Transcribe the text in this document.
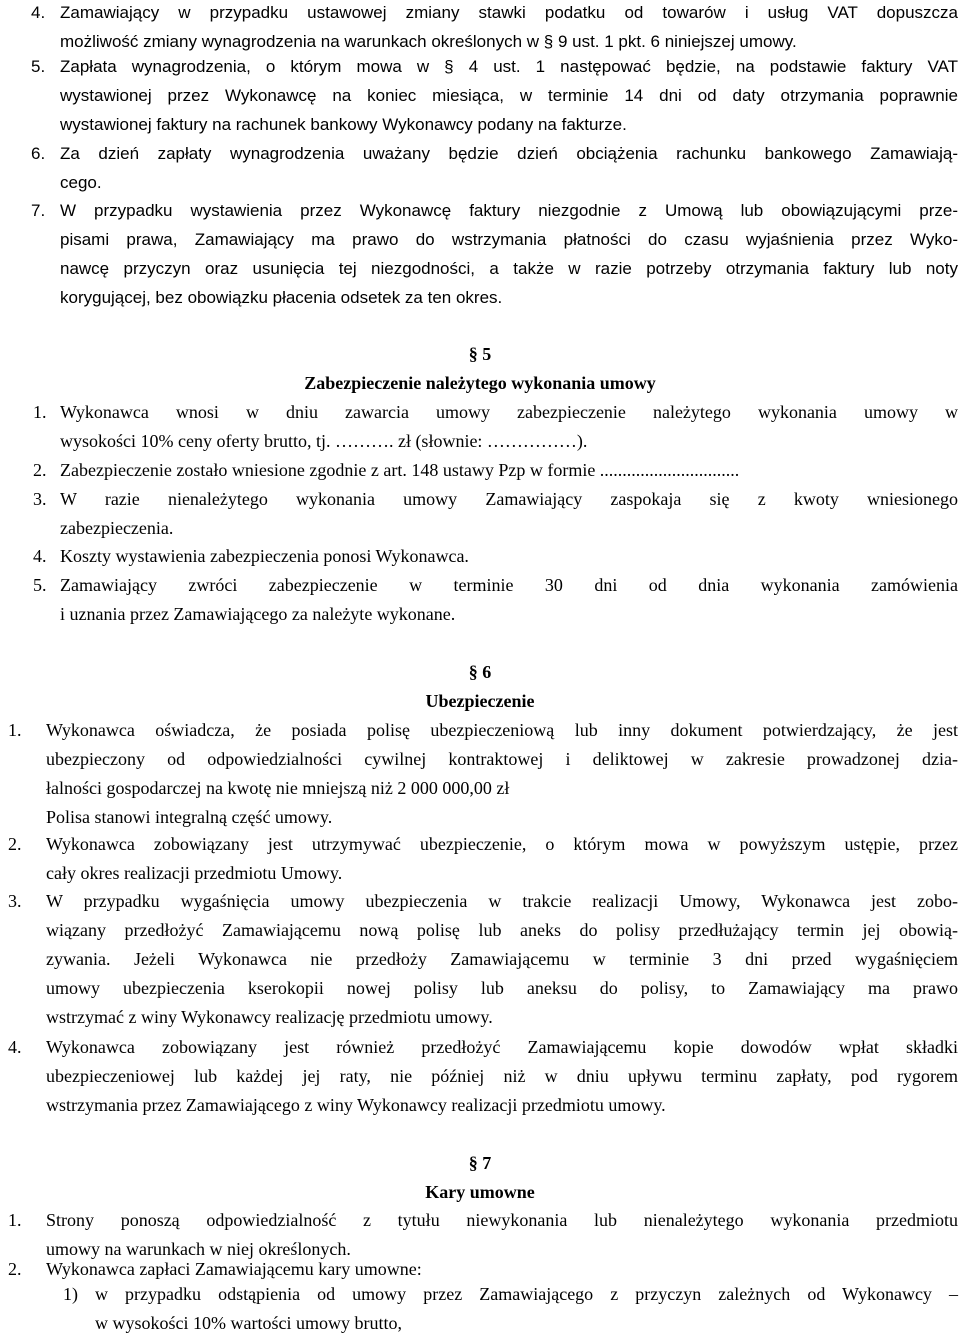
4. Zamawiający w przypadku ustawowej zmiany stawki podatku od towarów i usług VAT dopuszcza
możliwość zmiany wynagrodzenia na warunkach określonych w § 9 ust. 1 pkt. 6 niniejszej umowy.
5. Zapłata wynagrodzenia, o którym mowa w § 4 ust. 1 następować będzie, na podstawie faktury VAT
wystawionej przez Wykonawcę na koniec miesiąca, w terminie 14 dni od daty otrzymania poprawnie
wystawionej faktury na rachunek bankowy Wykonawcy podany na fakturze.
6. Za dzień zapłaty wynagrodzenia uważany będzie dzień obciążenia rachunku bankowego Zamawiają-
cego.
7. W przypadku wystawienia przez Wykonawcę faktury niezgodnie z Umową lub obowiązującymi prze-
pisami prawa, Zamawiający ma prawo do wstrzymania płatności do czasu wyjaśnienia przez Wyko-
nawcę przyczyn oraz usunięcia tej niezgodności, a także w razie potrzeby otrzymania faktury lub noty
korygującej, bez obowiązku płacenia odsetek za ten okres.
§ 5
Zabezpieczenie należytego wykonania umowy
1. Wykonawca wnosi w dniu zawarcia umowy zabezpieczenie należytego wykonania umowy w
wysokości 10% ceny oferty brutto, tj. ………. zł (słownie: ……………).
2. Zabezpieczenie zostało wniesione zgodnie z art. 148 ustawy Pzp w formie ...............................
3. W razie nienależytego wykonania umowy Zamawiający zaspokaja się z kwoty wniesionego
zabezpieczenia.
4. Koszty wystawienia zabezpieczenia ponosi Wykonawca.
5. Zamawiający zwróci zabezpieczenie w terminie 30 dni od dnia wykonania zamówienia
i uznania przez Zamawiającego za należyte wykonane.
§ 6
Ubezpieczenie
1.	Wykonawca oświadcza, że posiada polisę ubezpieczeniową lub inny dokument potwierdzający, że jest
ubezpieczony od odpowiedzialności cywilnej kontraktowej i deliktowej w zakresie prowadzonej dzia-
łalności gospodarczej na kwotę nie mniejszą niż 2 000 000,00 zł
Polisa stanowi integralną część umowy.
2.	Wykonawca zobowiązany jest utrzymywać ubezpieczenie, o którym mowa w powyższym ustępie, przez
cały okres realizacji przedmiotu Umowy.
3.	W przypadku wygaśnięcia umowy ubezpieczenia w trakcie realizacji Umowy, Wykonawca jest zobo-
wiązany przedłożyć Zamawiającemu nową polisę lub aneks do polisy przedłużający termin jej obowią-
zywania. Jeżeli Wykonawca nie przedłoży Zamawiającemu w terminie 3 dni przed wygaśnięciem
umowy ubezpieczenia kserokopii nowej polisy lub aneksu do polisy, to Zamawiający ma prawo
wstrzymać z winy Wykonawcy realizację przedmiotu umowy.
4.	Wykonawca zobowiązany jest również przedłożyć Zamawiającemu kopie dowodów wpłat składki
ubezpieczeniowej lub każdej jej raty, nie później niż w dniu upływu terminu zapłaty, pod rygorem
wstrzymania przez Zamawiającego z winy Wykonawcy realizacji przedmiotu umowy.
§ 7
Kary umowne
1.	Strony ponoszą odpowiedzialność z tytułu niewykonania lub nienależytego wykonania przedmiotu
umowy na warunkach w niej określonych.
2.	Wykonawca zapłaci Zamawiającemu kary umowne:
1) w przypadku odstąpienia od umowy przez Zamawiającego z przyczyn zależnych od Wykonawcy –
w wysokości 10% wartości umowy brutto,
